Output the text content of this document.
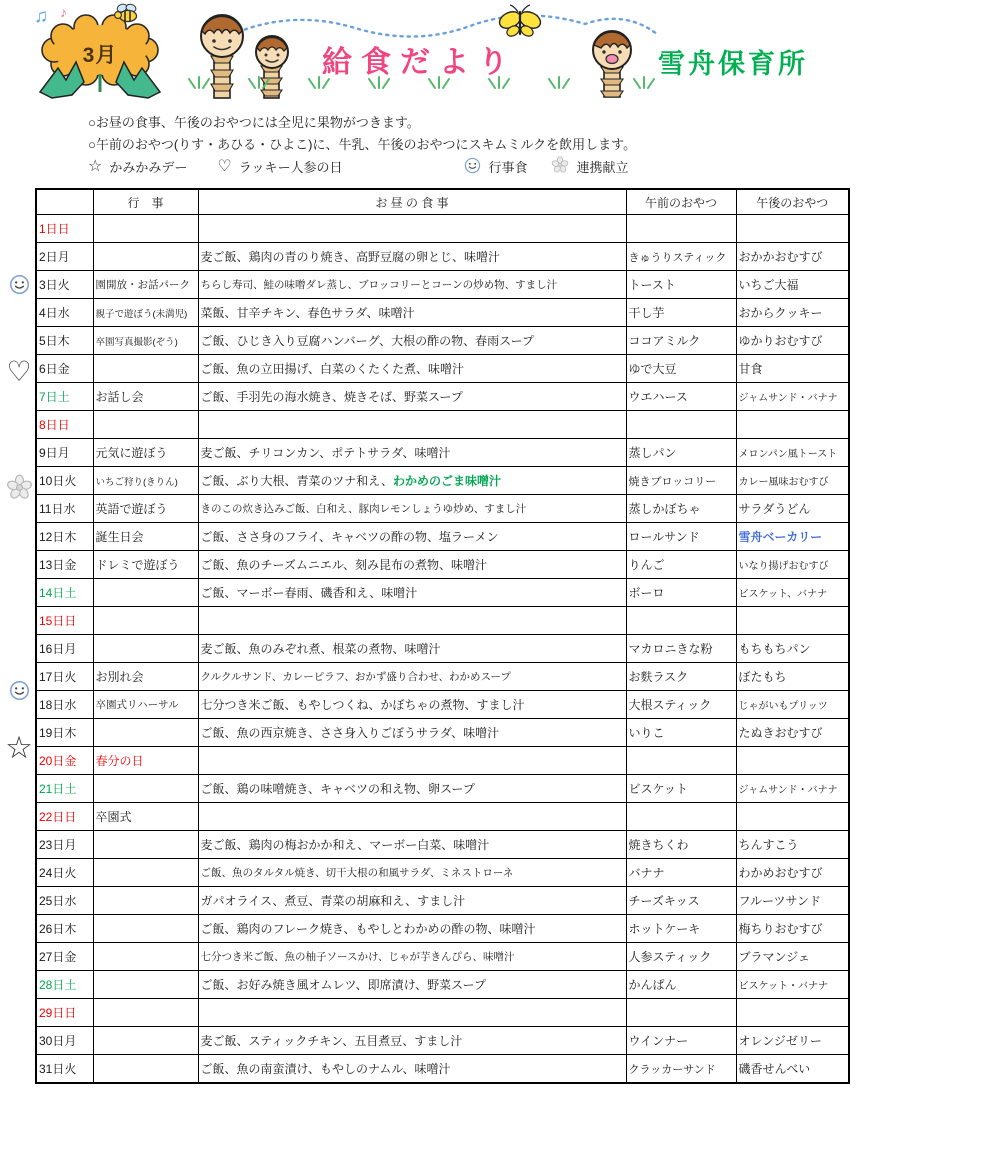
♫ ♪
3月	給食だより	雪舟保育所
○お昼の食事、午後のおやつには全児に果物がつきます。
○午前のおやつ(りす・あひる・ひよこ)に、牛乳、午後のおやつにスキムミルクを飲用します。
☆ かみかみデー ♡ ラッキー人参の日	行事食	連携献立
	行　事	お 昼 の 食 事	午前のおやつ	午後のおやつ
1日日				
2日月		麦ご飯、鶏肉の青のり焼き、高野豆腐の卵とじ、味噌汁	きゅうりスティック	おかかおむすび
3日火	園開放・お話パーク	ちらし寿司、鮭の味噌ダレ蒸し、ブロッコリーとコーンの炒め物、すまし汁	トースト	いちご大福
4日水	親子で遊ぼう(未満児)	菜飯、甘辛チキン、春色サラダ、味噌汁	干し芋	おからクッキー
5日木	卒園写真撮影(ぞう)	ご飯、ひじき入り豆腐ハンバーグ、大根の酢の物、春雨スープ	ココアミルク	ゆかりおむすび
6日金		ご飯、魚の立田揚げ、白菜のくたくた煮、味噌汁	ゆで大豆	甘食
7日土	お話し会	ご飯、手羽先の海水焼き、焼きそば、野菜スープ	ウエハース	ジャムサンド・バナナ
8日日				
9日月	元気に遊ぼう	麦ご飯、チリコンカン、ポテトサラダ、味噌汁	蒸しパン	メロンパン風トースト
10日火	いちご狩り(きりん)	ご飯、ぶり大根、青菜のツナ和え、わかめのごま味噌汁	焼きブロッコリー	カレー風味おむすび
11日水	英語で遊ぼう	きのこの炊き込みご飯、白和え、豚肉レモンしょうゆ炒め、すまし汁	蒸しかぼちゃ	サラダうどん
12日木	誕生日会	ご飯、ささ身のフライ、キャベツの酢の物、塩ラーメン	ロールサンド	雪舟ベーカリー
13日金	ドレミで遊ぼう	ご飯、魚のチーズムニエル、刻み昆布の煮物、味噌汁	りんご	いなり揚げおむすび
14日土		ご飯、マーボー春雨、磯香和え、味噌汁	ボーロ	ビスケット、バナナ
15日日				
16日月		麦ご飯、魚のみぞれ煮、根菜の煮物、味噌汁	マカロニきな粉	もちもちパン
17日火	お別れ会	クルクルサンド、カレーピラフ、おかず盛り合わせ、わかめスープ	お麩ラスク	ぼたもち
18日水	卒園式リハーサル	七分つき米ご飯、もやしつくね、かぼちゃの煮物、すまし汁	大根スティック	じゃがいもプリッツ
19日木		ご飯、魚の西京焼き、ささ身入りごぼうサラダ、味噌汁	いりこ	たぬきおむすび
20日金	春分の日			
21日土		ご飯、鶏の味噌焼き、キャベツの和え物、卵スープ	ビスケット	ジャムサンド・バナナ
22日日	卒園式			
23日月		麦ご飯、鶏肉の梅おかか和え、マーボー白菜、味噌汁	焼きちくわ	ちんすこう
24日火		ご飯、魚のタルタル焼き、切干大根の和風サラダ、ミネストローネ	バナナ	わかめおむすび
25日水		ガパオライス、煮豆、青菜の胡麻和え、すまし汁	チーズキッス	フルーツサンド
26日木		ご飯、鶏肉のフレーク焼き、もやしとわかめの酢の物、味噌汁	ホットケーキ	梅ちりおむすび
27日金		七分つき米ご飯、魚の柚子ソースかけ、じゃが芋きんぴら、味噌汁	人参スティック	ブラマンジェ
28日土		ご飯、お好み焼き風オムレツ、即席漬け、野菜スープ	かんぱん	ビスケット・バナナ
29日日				
30日月		麦ご飯、スティックチキン、五目煮豆、すまし汁	ウインナー	オレンジゼリー
31日火		ご飯、魚の南蛮漬け、もやしのナムル、味噌汁	クラッカーサンド	磯香せんべい
♡
☆
